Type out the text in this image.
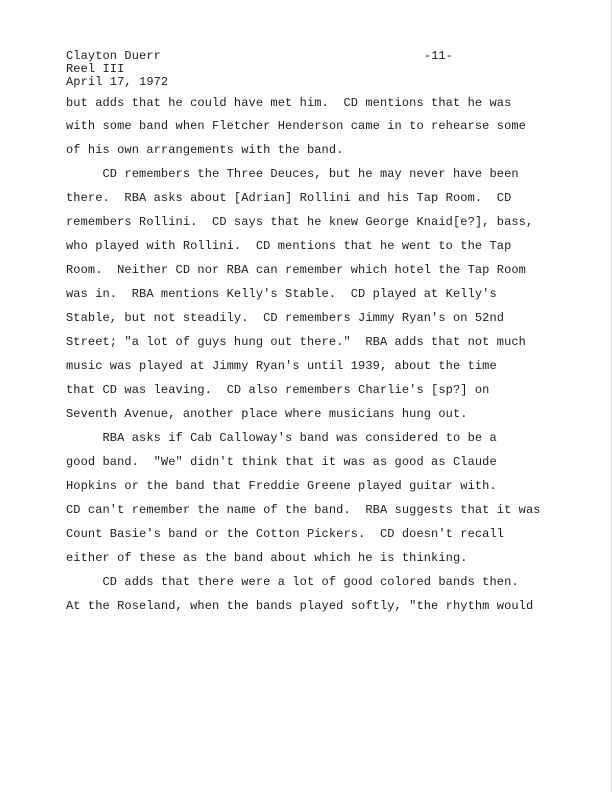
Clayton Duerr
Reel III
April 17, 1972
-11-
but adds that he could have met him.  CD mentions that he was
with some band when Fletcher Henderson came in to rehearse some
of his own arrangements with the band.
CD remembers the Three Deuces, but he may never have been
there.  RBA asks about [Adrian] Rollini and his Tap Room.  CD
remembers Rollini.  CD says that he knew George Knaid[e?], bass,
who played with Rollini.  CD mentions that he went to the Tap
Room.  Neither CD nor RBA can remember which hotel the Tap Room
was in.  RBA mentions Kelly's Stable.  CD played at Kelly's
Stable, but not steadily.  CD remembers Jimmy Ryan's on 52nd
Street; "a lot of guys hung out there."  RBA adds that not much
music was played at Jimmy Ryan's until 1939, about the time
that CD was leaving.  CD also remembers Charlie's [sp?] on
Seventh Avenue, another place where musicians hung out.
RBA asks if Cab Calloway's band was considered to be a
good band.  "We" didn't think that it was as good as Claude
Hopkins or the band that Freddie Greene played guitar with.
CD can't remember the name of the band.  RBA suggests that it was
Count Basie's band or the Cotton Pickers.  CD doesn't recall
either of these as the band about which he is thinking.
CD adds that there were a lot of good colored bands then.
At the Roseland, when the bands played softly, "the rhythm would
